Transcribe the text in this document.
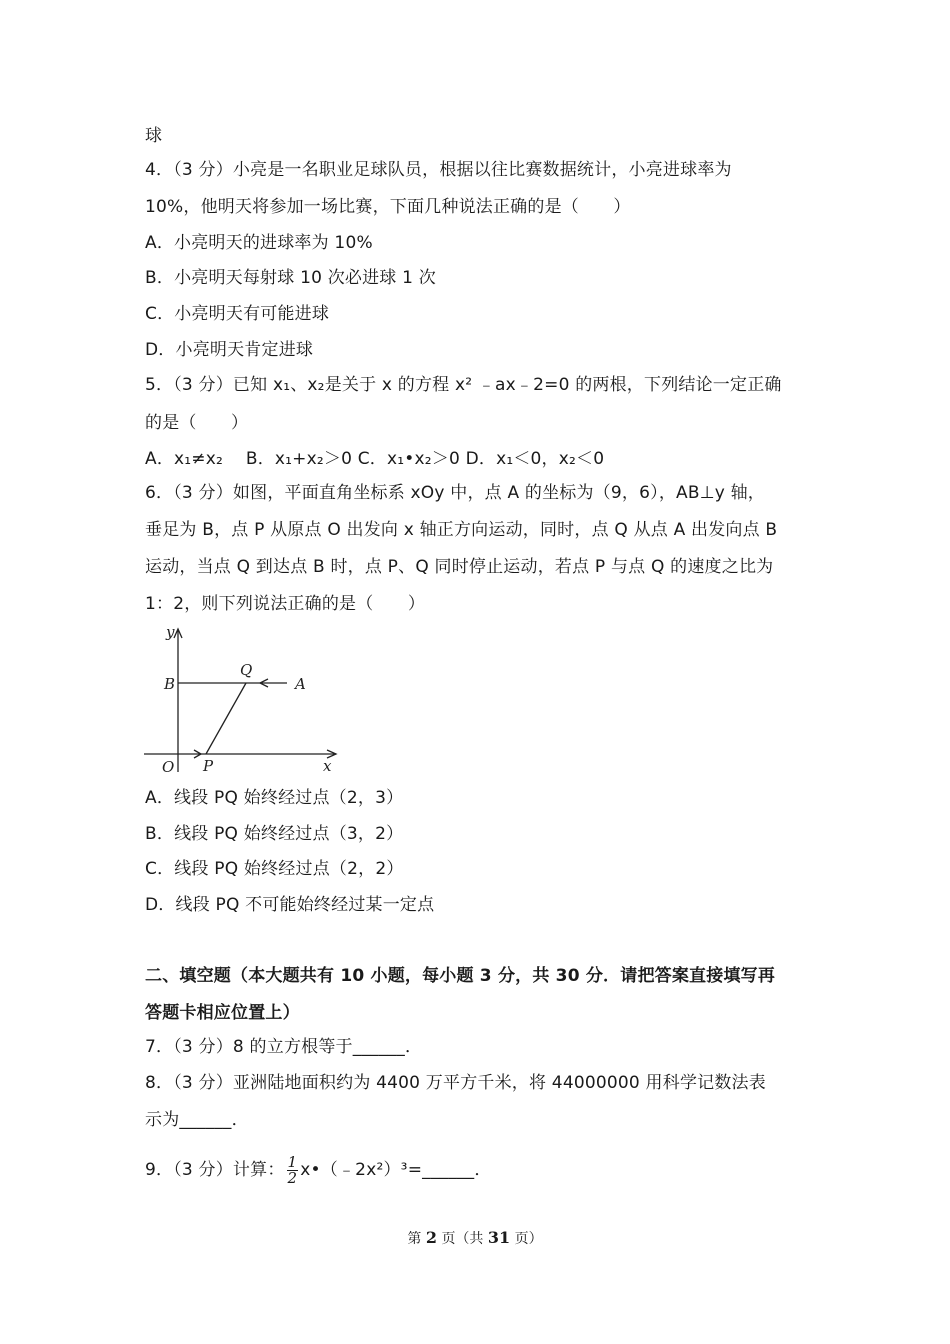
球
4．（3 分）小亮是一名职业足球队员，根据以往比赛数据统计，小亮进球率为
10%，他明天将参加一场比赛，下面几种说法正确的是（　　）
A．小亮明天的进球率为 10%
B．小亮明天每射球 10 次必进球 1 次
C．小亮明天有可能进球
D．小亮明天肯定进球
5．（3 分）已知 x₁、x₂是关于 x 的方程 x² ﹣ax﹣2=0 的两根，下列结论一定正确
的是（　　）
A．x₁≠x₂　 B．x₁+x₂＞0 C．x₁•x₂＞0 D．x₁＜0，x₂＜0
6．（3 分）如图，平面直角坐标系 xOy 中，点 A 的坐标为（9，6），AB⊥y 轴，
垂足为 B，点 P 从原点 O 出发向 x 轴正方向运动，同时，点 Q 从点 A 出发向点 B
运动，当点 Q 到达点 B 时，点 P、Q 同时停止运动，若点 P 与点 Q 的速度之比为
1：2，则下列说法正确的是（　　）
y
x
B
Q
A
O P
A．线段 PQ 始终经过点（2，3）
B．线段 PQ 始终经过点（3，2）
C．线段 PQ 始终经过点（2，2）
D．线段 PQ 不可能始终经过某一定点
二、填空题（本大题共有 10 小题，每小题 3 分，共 30 分．请把答案直接填写再
答题卡相应位置上）
7．（3 分）8 的立方根等于______．
8．（3 分）亚洲陆地面积约为 4400 万平方千米，将 44000000 用科学记数法表
示为______．
9．（3 分）计算： $\frac{1}{2}$ x•（﹣2x²）³=______．
第 2 页（共 31 页）
